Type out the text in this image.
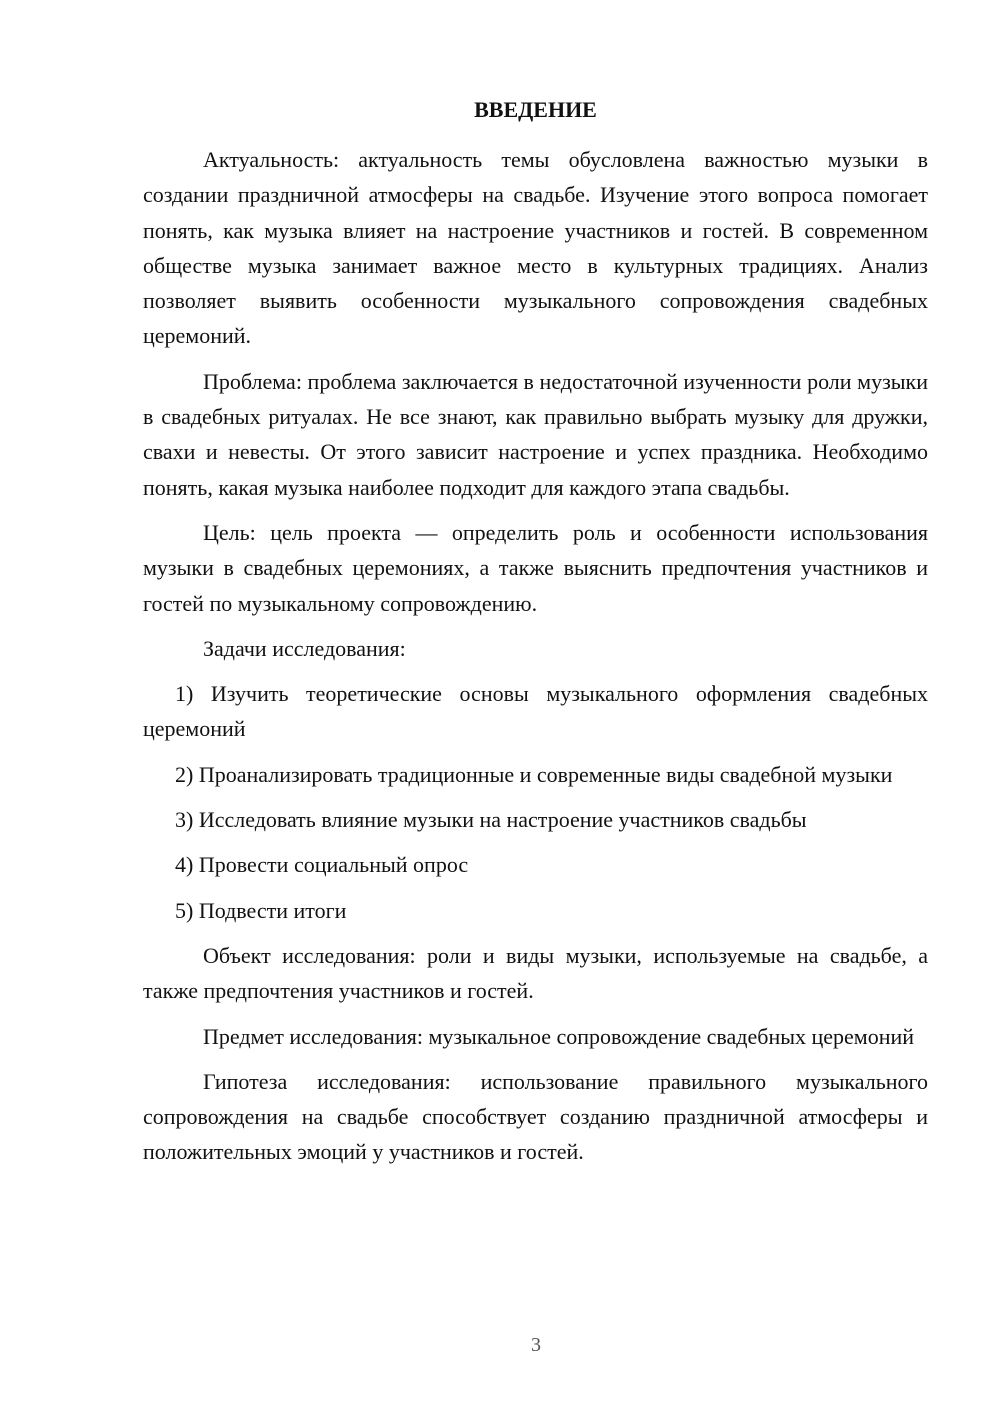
ВВЕДЕНИЕ

Актуальность: актуальность темы обусловлена важностью музыки в создании праздничной атмосферы на свадьбе. Изучение этого вопроса помогает понять, как музыка влияет на настроение участников и гостей. В современном обществе музыка занимает важное место в культурных традициях. Анализ позволяет выявить особенности музыкального сопровождения свадебных церемоний.

Проблема: проблема заключается в недостаточной изученности роли музыки в свадебных ритуалах. Не все знают, как правильно выбрать музыку для дружки, свахи и невесты. От этого зависит настроение и успех праздника. Необходимо понять, какая музыка наиболее подходит для каждого этапа свадьбы.

Цель: цель проекта — определить роль и особенности использования музыки в свадебных церемониях, а также выяснить предпочтения участников и гостей по музыкальному сопровождению.

Задачи исследования:

1) Изучить теоретические основы музыкального оформления свадебных церемоний

2) Проанализировать традиционные и современные виды свадебной музыки

3) Исследовать влияние музыки на настроение участников свадьбы

4) Провести социальный опрос

5) Подвести итоги

Объект исследования: роли и виды музыки, используемые на свадьбе, а также предпочтения участников и гостей.

Предмет исследования: музыкальное сопровождение свадебных церемоний

Гипотеза исследования: использование правильного музыкального сопровождения на свадьбе способствует созданию праздничной атмосферы и положительных эмоций у участников и гостей.

3
